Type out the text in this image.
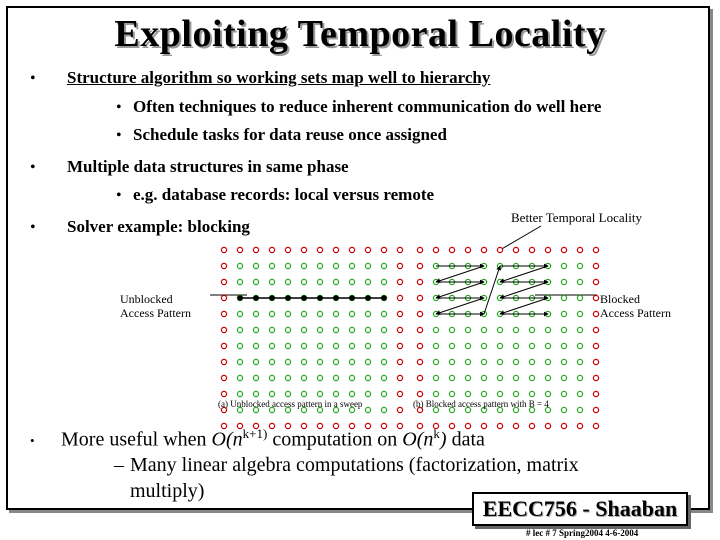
Exploiting Temporal Locality
• Structure algorithm so working sets map well to hierarchy
• Often techniques to reduce inherent communication do well here
• Schedule tasks for data reuse once assigned
• Multiple data structures in same phase
• e.g. database records: local versus remote
• Solver example: blocking	Better Temporal Locality
Unblocked
Access Pattern
Blocked
Access Pattern
(a) Unblocked access pattern in a sweep	(b) Blocked access pattern with B = 4
• More useful when $O(n^{k+1)}$ computation on $O(n^k)$ data
– Many linear algebra computations (factorization, matrix
multiply)
EECC756 - Shaaban
# lec # 7 Spring2004 4-6-2004
